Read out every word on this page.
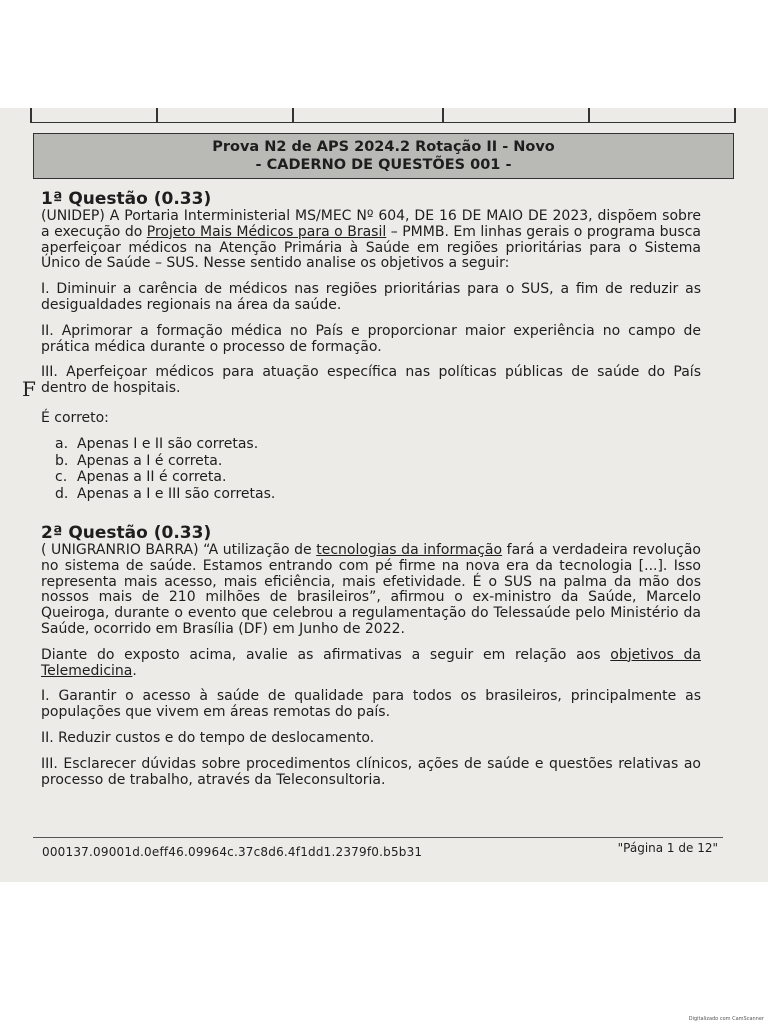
Prova N2 de APS 2024.2 Rotação II - Novo
- CADERNO DE QUESTÕES 001 -
F
1ª Questão (0.33)

(UNIDEP) A Portaria Interministerial MS/MEC Nº 604, DE 16 DE MAIO DE 2023, dispõem sobre a execução do Projeto Mais Médicos para o Brasil – PMMB. Em linhas gerais o programa busca aperfeiçoar médicos na Atenção Primária à Saúde em regiões prioritárias para o Sistema Único de Saúde – SUS. Nesse sentido analise os objetivos a seguir:

I. Diminuir a carência de médicos nas regiões prioritárias para o SUS, a fim de reduzir as desigualdades regionais na área da saúde.

II. Aprimorar a formação médica no País e proporcionar maior experiência no campo de prática médica durante o processo de formação.

III. Aperfeiçoar médicos para atuação específica nas políticas públicas de saúde do País dentro de hospitais.

É correto:

a. Apenas I e II são corretas.
b. Apenas a I é correta.
c. Apenas a II é correta.
d. Apenas a I e III são corretas.
2ª Questão (0.33)

( UNIGRANRIO BARRA) “A utilização de tecnologias da informação fará a verdadeira revolução no sistema de saúde. Estamos entrando com pé firme na nova era da tecnologia [...]. Isso representa mais acesso, mais eficiência, mais efetividade. É o SUS na palma da mão dos nossos mais de 210 milhões de brasileiros”, afirmou o ex-ministro da Saúde, Marcelo Queiroga, durante o evento que celebrou a regulamentação do Telessaúde pelo Ministério da Saúde, ocorrido em Brasília (DF) em Junho de 2022.

Diante do exposto acima, avalie as afirmativas a seguir em relação aos objetivos da Telemedicina.

I. Garantir o acesso à saúde de qualidade para todos os brasileiros, principalmente as populações que vivem em áreas remotas do país.

II. Reduzir custos e do tempo de deslocamento.

III. Esclarecer dúvidas sobre procedimentos clínicos, ações de saúde e questões relativas ao processo de trabalho, através da Teleconsultoria.

000137.09001d.0eff46.09964c.37c8d6.4f1dd1.2379f0.b5b31	"Página 1 de 12"
Digitalizado com CamScanner
